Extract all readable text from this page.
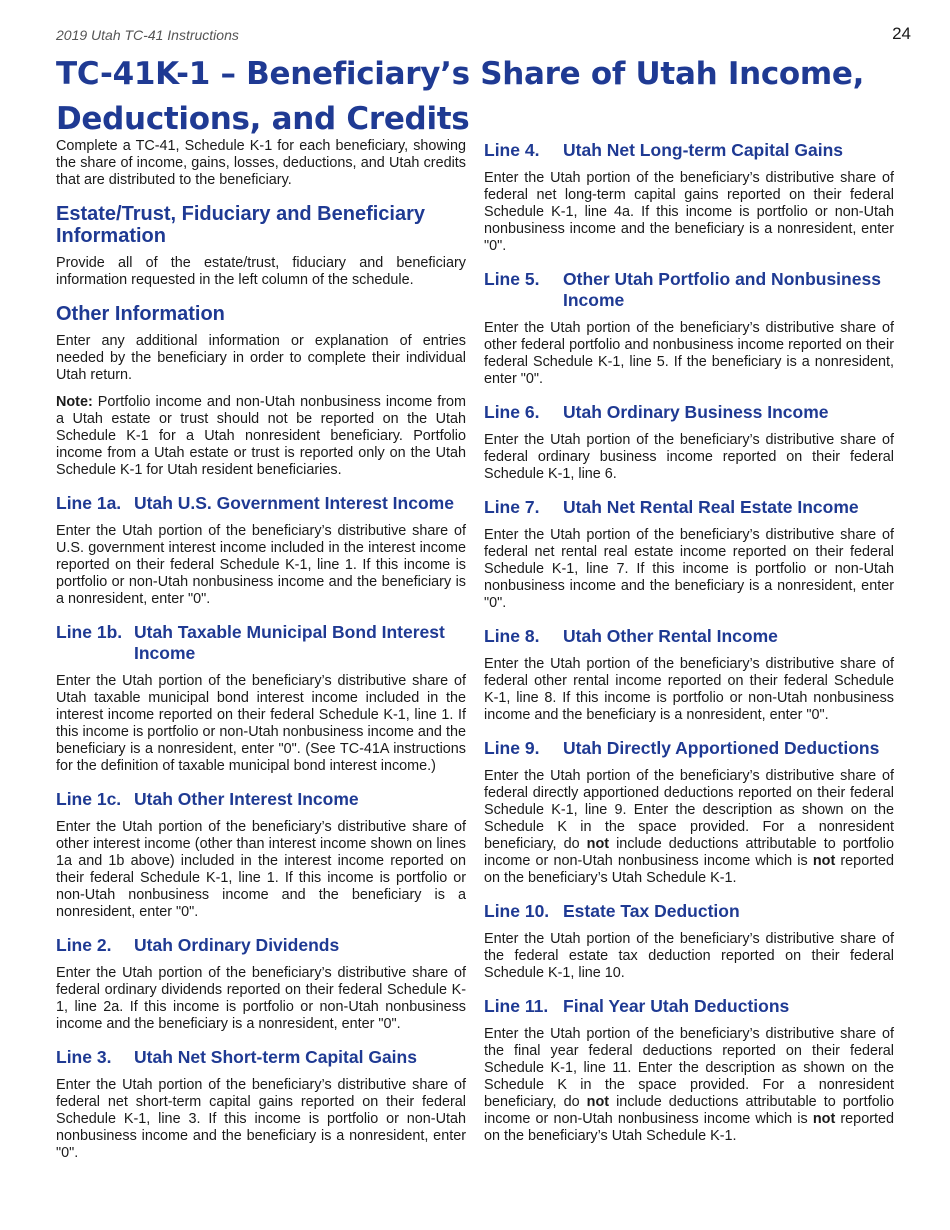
2019 Utah TC-41 Instructions	24
TC-41K-1 – Beneficiary’s Share of Utah Income, Deductions, and Credits

Complete a TC-41, Schedule K-1 for each beneficiary, showing the share of income, gains, losses, deductions, and Utah credits that are distributed to the beneficiary.

Estate/Trust, Fiduciary and Beneficiary Information

Provide all of the estate/trust, fiduciary and beneficiary information requested in the left column of the schedule.

Other Information

Enter any additional information or explanation of entries needed by the beneficiary in order to complete their individual Utah return.

Note: Portfolio income and non-Utah nonbusiness income from a Utah estate or trust should not be reported on the Utah Schedule K-1 for a Utah nonresident beneficiary. Portfolio income from a Utah estate or trust is reported only on the Utah Schedule K-1 for Utah resident beneficiaries.

Line 1a. Utah U.S. Government Interest Income

Enter the Utah portion of the beneficiary’s distributive share of U.S. government interest income included in the interest income reported on their federal Schedule K-1, line 1. If this income is portfolio or non-Utah nonbusiness income and the beneficiary is a nonresident, enter "0".

Line 1b. Utah Taxable Municipal Bond Interest Income

Enter the Utah portion of the beneficiary’s distributive share of Utah taxable municipal bond interest income included in the interest income reported on their federal Schedule K-1, line 1. If this income is portfolio or non-Utah nonbusiness income and the beneficiary is a nonresident, enter "0". (See TC-41A instructions for the definition of taxable municipal bond interest income.)

Line 1c. Utah Other Interest Income

Enter the Utah portion of the beneficiary’s distributive share of other interest income (other than interest income shown on lines 1a and 1b above) included in the interest income reported on their federal Schedule K-1, line 1. If this income is portfolio or non-Utah nonbusiness income and the beneficiary is a nonresident, enter "0".

Line 2.	Utah Ordinary Dividends

Enter the Utah portion of the beneficiary’s distributive share of federal ordinary dividends reported on their federal Schedule K-1, line 2a. If this income is portfolio or non-Utah nonbusiness income and the beneficiary is a nonresident, enter "0".

Line 3.	Utah Net Short-term Capital Gains

Enter the Utah portion of the beneficiary’s distributive share of federal net short-term capital gains reported on their federal Schedule K-1, line 3. If this income is portfolio or non-Utah nonbusiness income and the beneficiary is a nonresident, enter "0".

Line 4.	Utah Net Long-term Capital Gains

Enter the Utah portion of the beneficiary’s distributive share of federal net long-term capital gains reported on their federal Schedule K-1, line 4a. If this income is portfolio or non-Utah nonbusiness income and the beneficiary is a nonresident, enter "0".

Line 5.	Other Utah Portfolio and Nonbusiness Income

Enter the Utah portion of the beneficiary’s distributive share of other federal portfolio and nonbusiness income reported on their federal Schedule K-1, line 5. If the beneficiary is a nonresident, enter "0".

Line 6.	Utah Ordinary Business Income

Enter the Utah portion of the beneficiary’s distributive share of federal ordinary business income reported on their federal Schedule K-1, line 6.

Line 7.	Utah Net Rental Real Estate Income

Enter the Utah portion of the beneficiary’s distributive share of federal net rental real estate income reported on their federal Schedule K-1, line 7. If this income is portfolio or non-Utah nonbusiness income and the beneficiary is a nonresident, enter "0".

Line 8.	Utah Other Rental Income

Enter the Utah portion of the beneficiary’s distributive share of federal other rental income reported on their federal Schedule K-1, line 8. If this income is portfolio or non-Utah nonbusiness income and the beneficiary is a nonresident, enter "0".

Line 9.	Utah Directly Apportioned Deductions

Enter the Utah portion of the beneficiary’s distributive share of federal directly apportioned deductions reported on their federal Schedule K-1, line 9. Enter the description as shown on the Schedule K in the space provided. For a nonresident beneficiary, do not include deductions attributable to portfolio income or non-Utah nonbusiness income which is not reported on the beneficiary’s Utah Schedule K-1.

Line 10. Estate Tax Deduction

Enter the Utah portion of the beneficiary’s distributive share of the federal estate tax deduction reported on their federal Schedule K-1, line 10.

Line 11. Final Year Utah Deductions

Enter the Utah portion of the beneficiary’s distributive share of the final year federal deductions reported on their federal Schedule K-1, line 11. Enter the description as shown on the Schedule K in the space provided. For a nonresident beneficiary, do not include deductions attributable to portfolio income or non-Utah nonbusiness income which is not reported on the beneficiary’s Utah Schedule K-1.
